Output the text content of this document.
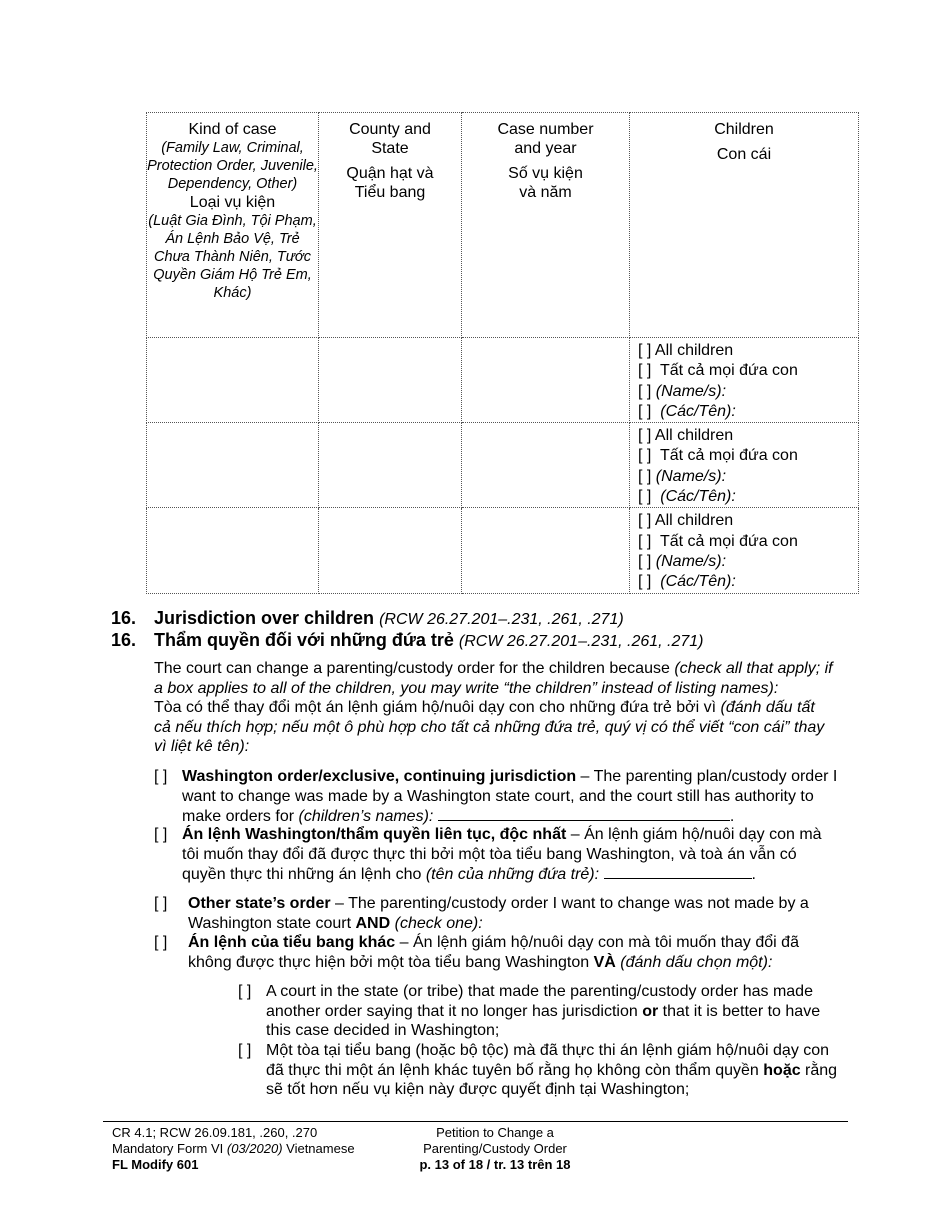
Kind of case
(Family Law, Criminal, Protection Order, Juvenile, Dependency, Other)
Loại vụ kiện
(Luật Gia Đình, Tội Phạm, Án Lệnh Bảo Vệ, Trẻ Chưa Thành Niên, Tước Quyền Giám Hộ Trẻ Em, Khác)	County and State
Quận hạt và Tiểu bang	Case number and year
Số vụ kiện và năm	Children
Con cái

			[ ] All children
[ ] Tất cả mọi đứa con
[ ] (Name/s):
[ ] (Các/Tên):

			[ ] All children
[ ] Tất cả mọi đứa con
[ ] (Name/s):
[ ] (Các/Tên):

			[ ] All children
[ ] Tất cả mọi đứa con
[ ] (Name/s):
[ ] (Các/Tên):
16. Jurisdiction over children (RCW 26.27.201–.231, .261, .271)
16. Thẩm quyền đối với những đứa trẻ (RCW 26.27.201–.231, .261, .271)
The court can change a parenting/custody order for the children because (check all that apply; if a box applies to all of the children, you may write “the children” instead of listing names):
Tòa có thể thay đổi một án lệnh giám hộ/nuôi dạy con cho những đứa trẻ bởi vì (đánh dấu tất cả nếu thích hợp; nếu một ô phù hợp cho tất cả những đứa trẻ, quý vị có thể viết “con cái” thay vì liệt kê tên):
[ ] Washington order/exclusive, continuing jurisdiction – The parenting plan/custody order I want to change was made by a Washington state court, and the court still has authority to make orders for (children’s names):	.
[ ] Án lệnh Washington/thẩm quyền liên tục, độc nhất – Án lệnh giám hộ/nuôi dạy con mà tôi muốn thay đổi đã được thực thi bởi một tòa tiểu bang Washington, và toà án vẫn có quyền thực thi những án lệnh cho (tên của những đứa trẻ):	.
[ ] Other state’s order – The parenting/custody order I want to change was not made by a Washington state court AND (check one):
[ ] Án lệnh của tiểu bang khác – Án lệnh giám hộ/nuôi dạy con mà tôi muốn thay đổi đã không được thực hiện bởi một tòa tiểu bang Washington VÀ (đánh dấu chọn một):
[ ] A court in the state (or tribe) that made the parenting/custody order has made another order saying that it no longer has jurisdiction or that it is better to have this case decided in Washington;
[ ] Một tòa tại tiểu bang (hoặc bộ tộc) mà đã thực thi án lệnh giám hộ/nuôi dạy con đã thực thi một án lệnh khác tuyên bố rằng họ không còn thẩm quyền hoặc rằng sẽ tốt hơn nếu vụ kiện này được quyết định tại Washington;
CR 4.1; RCW 26.09.181, .260, .270
Mandatory Form VI (03/2020) Vietnamese
FL Modify 601
Petition to Change a
Parenting/Custody Order
p. 13 of 18 / tr. 13 trên 18
